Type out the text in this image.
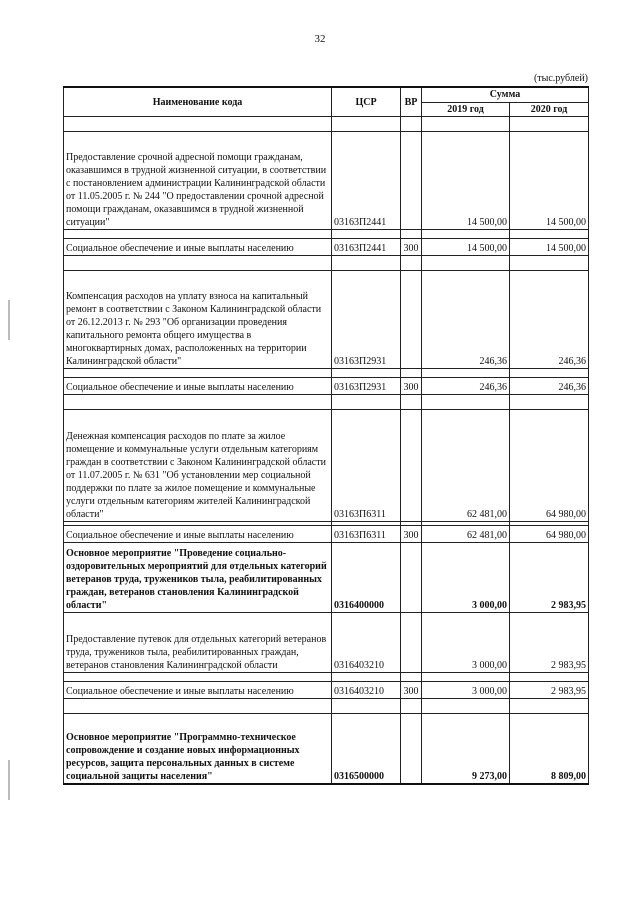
32
(тыс.рублей)
Наименование кода	ЦСР	ВР	Сумма	
			2019 год	2020 год

Предоставление срочной адресной помощи гражданам, оказавшимся в трудной жизненной ситуации, в соответствии с постановлением администрации Калининградской области от 11.05.2005 г. № 244 "О предоставлении срочной адресной помощи гражданам, оказавшимся в трудной жизненной ситуации"	03163П2441		14 500,00	14 500,00

Социальное обеспечение и иные выплаты населению	03163П2441	300	14 500,00	14 500,00

Компенсация расходов на уплату взноса на капитальный ремонт в соответствии с Законом Калининградской области от 26.12.2013 г. № 293 "Об организации проведения капитального ремонта общего имущества в многоквартирных домах, расположенных на территории Калининградской области"	03163П2931		246,36	246,36

Социальное обеспечение и иные выплаты населению	03163П2931	300	246,36	246,36

Денежная компенсация расходов по плате за жилое помещение и коммунальные услуги отдельным категориям граждан в соответствии с Законом Калининградской области от 11.07.2005 г. № 631 "Об установлении мер социальной поддержки по плате за жилое помещение и коммунальные услуги отдельным категориям жителей Калининградской области"	03163П6311		62 481,00	64 980,00

Социальное обеспечение и иные выплаты населению	03163П6311	300	62 481,00	64 980,00
Основное мероприятие "Проведение социально-оздоровительных мероприятий для отдельных категорий ветеранов труда, тружеников тыла, реабилитированных граждан, ветеранов становления Калининградской области"	0316400000		3 000,00	2 983,95
Предоставление путевок для отдельных категорий ветеранов труда, тружеников тыла, реабилитированных граждан, ветеранов становления Калининградской области	0316403210		3 000,00	2 983,95

Социальное обеспечение и иные выплаты населению	0316403210	300	3 000,00	2 983,95

Основное мероприятие "Программно-техническое сопровождение и создание новых информационных ресурсов, защита персональных данных в системе социальной защиты населения"	0316500000		9 273,00	8 809,00
